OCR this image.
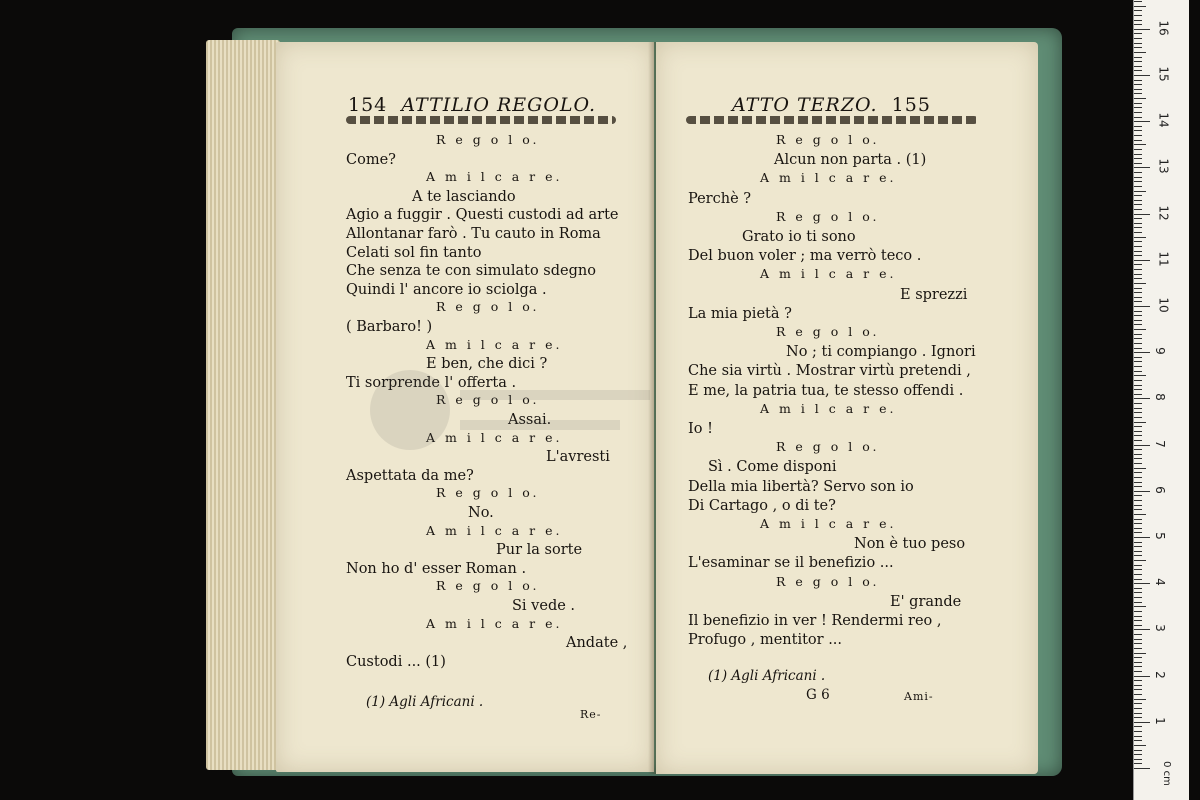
154 ATTILIO REGOLO.
R e g o l o.
Come?
A m i l c a r e.
A te lasciando
Agio a fuggir . Questi custodi ad arte
Allontanar farò . Tu cauto in Roma
Celati sol fin tanto
Che senza te con simulato sdegno
Quindi l' ancore io sciolga .
R e g o l o.
( Barbaro! )
A m i l c a r e.
E ben, che dici ?
Ti sorprende l' offerta .
R e g o l o.
Assai.
A m i l c a r e.
L'avresti
Aspettata da me?
R e g o l o.
No.
A m i l c a r e.
Pur la sorte
Non ho d' esser Roman .
R e g o l o.
Si vede .
A m i l c a r e.
Andate ,
Custodi ... (1)
(1) Agli Africani .
Re-
ATTO TERZO. 155
R e g o l o.
Alcun non parta . (1)
A m i l c a r e.
Perchè ?
R e g o l o.
Grato io ti sono
Del buon voler ; ma verrò teco .
A m i l c a r e.
E sprezzi
La mia pietà ?
R e g o l o.
No ; ti compiango . Ignori
Che sia virtù . Mostrar virtù pretendi ,
E me, la patria tua, te stesso offendi .
A m i l c a r e.
Io !
R e g o l o.
Sì . Come disponi
Della mia libertà? Servo son io
Di Cartago , o di te?
A m i l c a r e.
Non è tuo peso
L'esaminar se il benefizio ...
R e g o l o.
E' grande
Il benefizio in ver ! Rendermi reo ,
Profugo , mentitor ...
(1) Agli Africani .
G 6	Ami-
1
2
3
4
5
6
7
8
9
10
11
12
13
14
15
16
0 cm
